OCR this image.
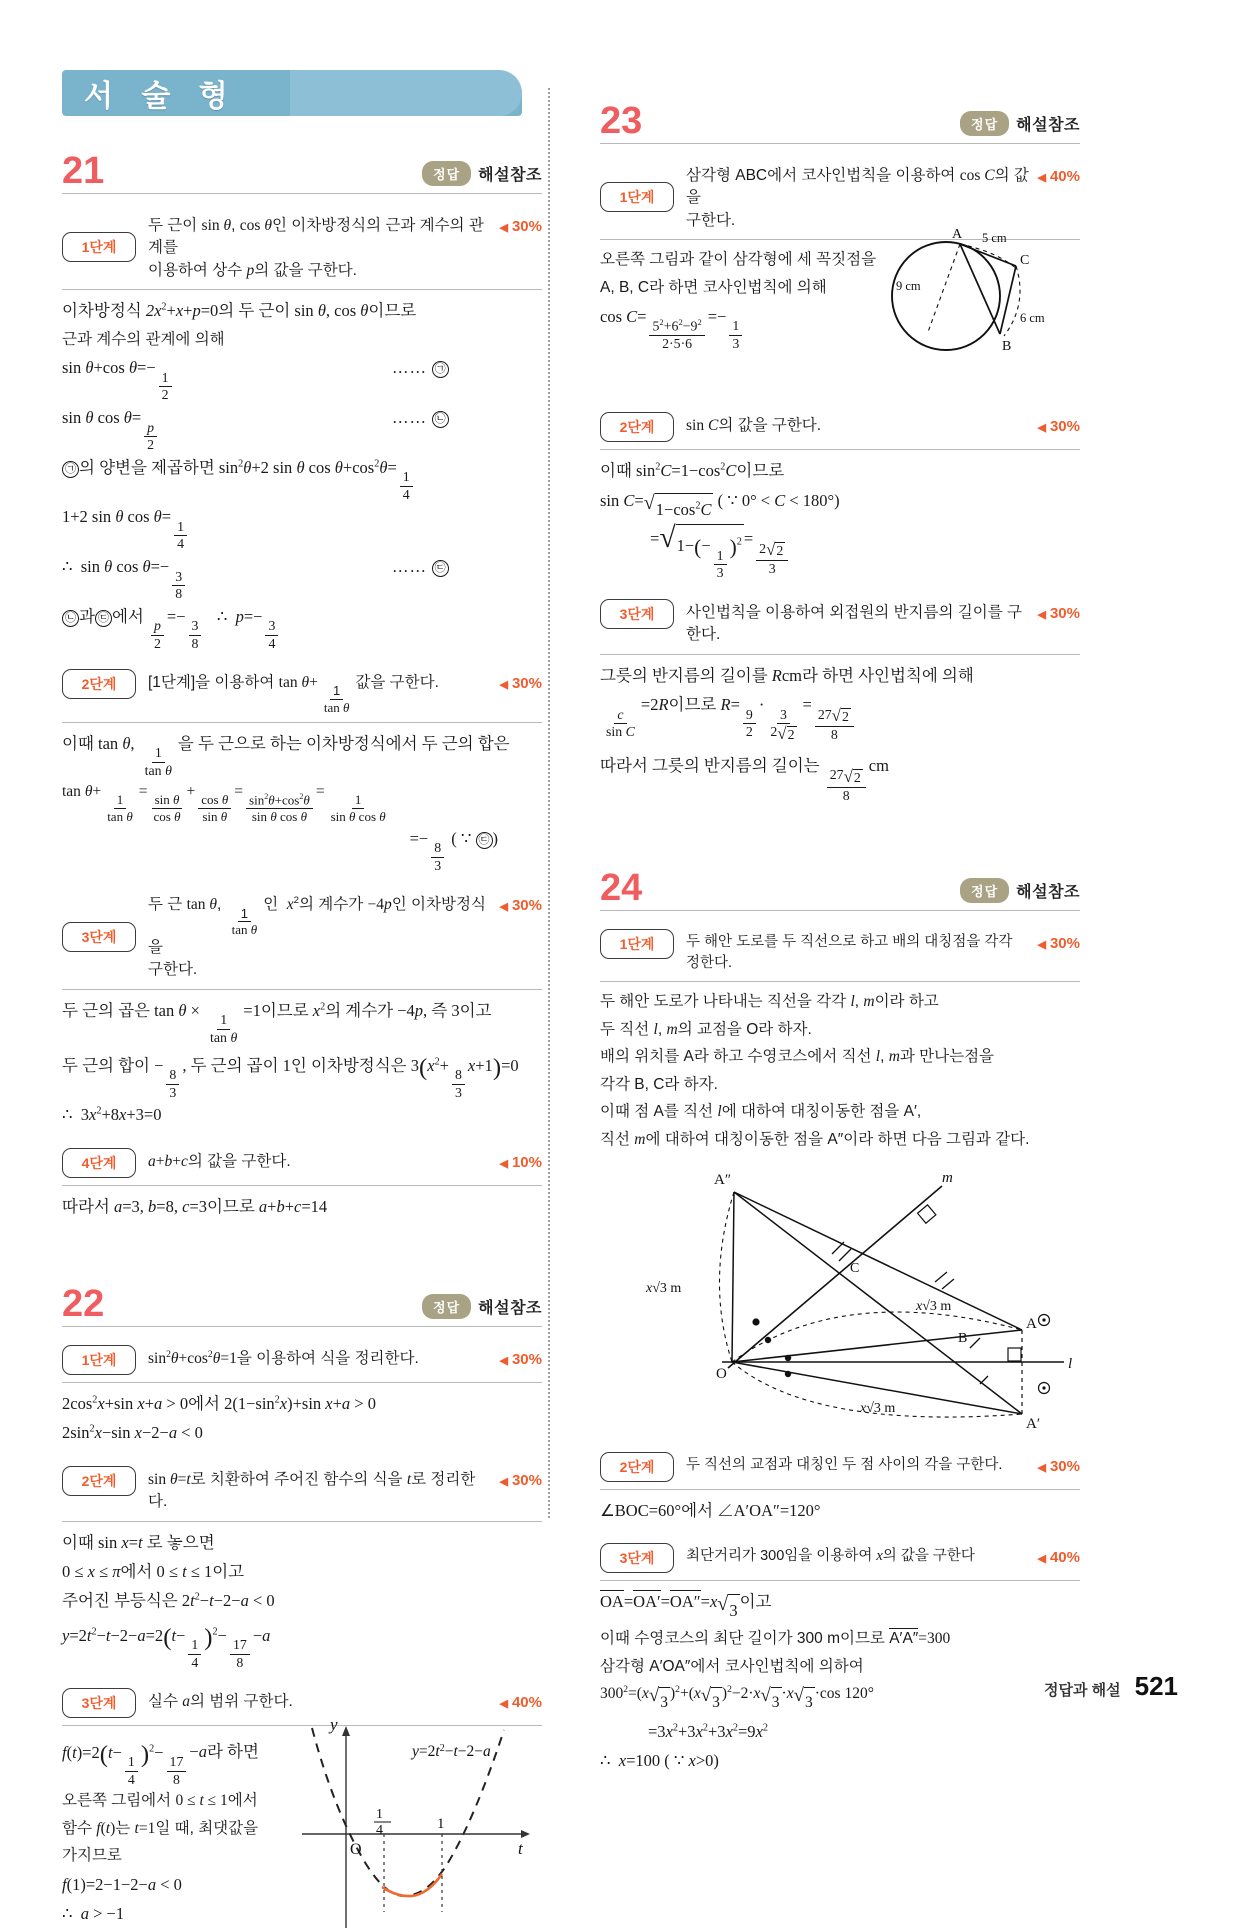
서 술 형
21	정답	해설참조
1단계
두 근이 sin θ, cos θ인 이차방정식의 근과 계수의 관계를
이용하여 상수 p의 값을 구한다.
◀ 30%
이차방정식 $2x^2+x+p=0$의 두 근이 sin θ, cos θ이므로
근과 계수의 관계에 의해
sin θ+cos θ=−
$\frac{1}{2}$
…… ㉠
sin θ cos θ=
$\frac{p}{2}$
…… ㉡
㉠ 의 양변을 제곱하면 $\sin^2\theta+2$ sin θ $\cos \theta+\cos^2\theta=$
$\frac{1}{4}$
1+2 sin θ cos θ=
$\frac{1}{4}$
∴  sin θ cos θ=−
$\frac{3}{8}$
…… ㉢
㉡ 과 ㉢ 에서
$\frac{p}{2}$
=−
$\frac{3}{8}$
∴  p=−
$\frac{3}{4}$
2단계	[1단계]을 이용하여 tan θ+
$\frac{1}{\text{tan θ}}$
값을 구한다.	◀ 30%
이때 tan θ,
$\frac{1}{\text{tan θ}}$
을 두 근으로 하는 이차방정식에서 두 근의 합은
tan θ+
$\frac{1}{\text{tan θ}}$
=
$\frac{\text{sin θ}}{\text{cos θ}}$
+
$\frac{\text{cos θ}}{\text{sin θ}}$
=
$\frac{\sin^2\theta+\cos^2\theta}{\text{sin θ cos θ}}$
=
$\frac{1}{\text{sin θ cos θ}}$
=−
$\frac{8}{3}$
( ∵ ㉢ )
3단계
두 근 tan θ,
$\frac{1}{\text{tan θ}}$
인  $x^2$의 계수가 −4p인 이차방정식을
구한다.
◀ 30%
두 근의 곱은 tan θ ×
$\frac{1}{\text{tan θ}}$
=1이므로 $x^2$의 계수가 −4p, 즉 3이고
두 근의 합이 −
$\frac{8}{3}$
, 두 근의 곱이 1인 이차방정식은 $3(x^2+$
$\frac{8}{3}$
x+1)=0
∴  $3x^2+8x+3=0$
4단계	a+b+c의 값을 구한다.	◀ 10%
따라서 a=3, b=8, c=3이므로 a+b+c=14
22	정답	해설참조
1단계	$\sin^2\theta+\cos^2\theta=1$을 이용하여 식을 정리한다.	◀ 30%
$2\cos^2x+\sin$ x+a > 0에서 $2(1-\sin^2x)+\sin$ x+a > 0
$2\sin^2x-\sin$ x−2−a < 0
2단계	sin θ=t로 치환하여 주어진 함수의 식을 t로 정리한다.
◀ 30%
이때 sin x=t 로 놓으면
0 ≤ x ≤ π에서 0 ≤ t ≤ 1이고
주어진 부등식은 $2t^2-t-2-a < 0$
$y=2t^2-t-2-a=2(t-$
$\frac{1}{4}$
)$^2$−
$\frac{17}{8}$
−a
3단계	실수 a의 범위 구한다.	◀ 40%
f(t)=2(t−
$\frac{1}{4}$
)$^2$−
$\frac{17}{8}$
−a라 하면
오른쪽 그림에서 0 ≤ t ≤ 1에서
함수 f(t)는 t=1일 때, 최댓값을
가지므로
f(1)=2−1−2−a < 0
∴  a > −1
y
t
O
1
4	1
$y=2t^2-t-2-a$
23	정답	해설참조
1단계
삼각형 ABC에서 코사인법칙을 이용하여 cos C의 값을
구한다.
◀ 40%
오른쪽 그림과 같이 삼각형에 세 꼭짓점을
A, B, C라 하면 코사인법칙에 의해
cos C=
$\frac{5^2+6^2-9^2}{2\cdot 5\cdot 6}$
=−
$\frac{1}{3}$
A
C
B
5 cm
6 cm
9 cm
2단계	sin C의 값을 구한다.	◀ 30%
이때 $\sin^2C=1-\cos^2C$이므로
sin C= √ $1-\cos^2C$ ( ∵ 0° < C < 180°)
= √ 1−(−
$\frac{1}{3}$
)$^2$ =
$\frac{2 √ 2}{3}$
3단계	사인법칙을 이용하여 외접원의 반지름의 길이를 구한다.
◀ 30%
그릇의 반지름의 길이를 Rcm라 하면 사인법칙에 의해
$\frac{c}{\text{sin C}}$
=2R이므로 R=
$\frac{9}{2}$
·
$\frac{3}{2 √ 2}$
=
$\frac{27 √ 2}{8}$
따라서 그릇의 반지름의 길이는
$\frac{27 √ 2}{8}$
cm
24	정답	해설참조
1단계	두 해안 도로를 두 직선으로 하고 배의 대칭점을 각각 정한다.
◀ 30%
두 해안 도로가 나타내는 직선을 각각 l, m이라 하고
두 직선 l, m의 교점을 O라 하자.
배의 위치를 A라 하고 수영코스에서 직선 l, m과 만나는점을
각각 B, C라 하자.
이때 점 A를 직선 l에 대하여 대칭이동한 점을 A′,
직선 m에 대하여 대칭이동한 점을 A″이라 하면 다음 그림과 같다.
A″	m
A
A′
l
O
C
B
x√3 m
x√3 m
x√3 m
2단계	두 직선의 교점과 대칭인 두 점 사이의 각을 구한다.	◀ 30%
∠BOC=60°에서 ∠A′OA″=120°
3단계	최단거리가 300임을 이용하여 x의 값을 구한다	◀ 40%
OA=OA′=OA″=x √ 3 이고
이때 수영코스의 최단 길이가 300 m이므로 A′A″=300
삼각형 A′OA″에서 코사인법칙에 의하여
$300^2=(x$ √ 3
)$^2$+(x √ 3
)$^2$−2·x √ 3
·x √ 3
·cos 120°
$=3x^2+3x^2+3x^2=9x^2$
∴  x=100 ( ∵ x>0)
정답과 해설 521
